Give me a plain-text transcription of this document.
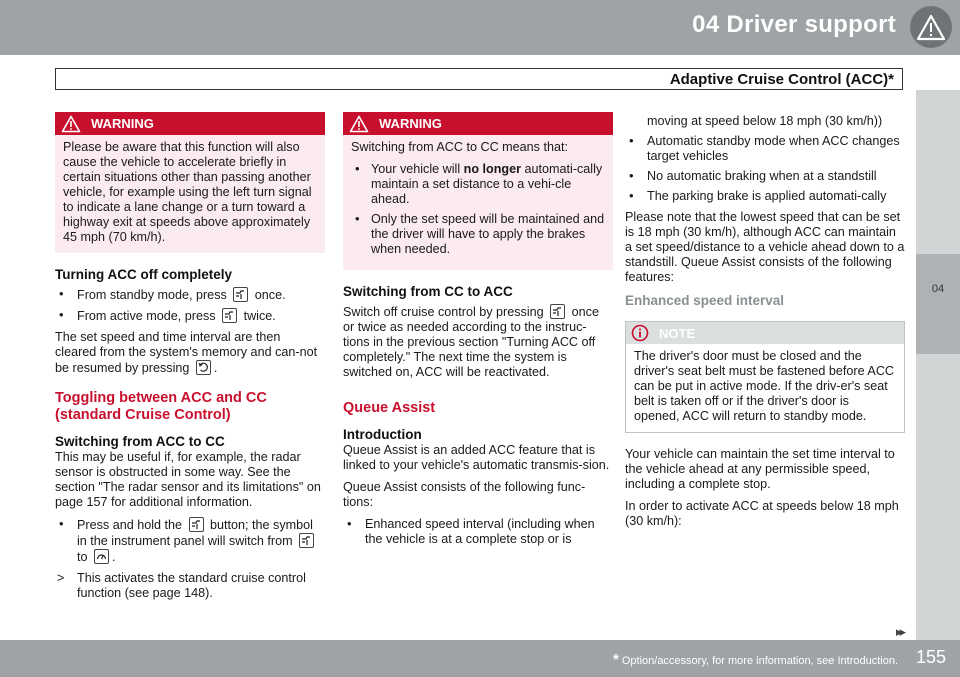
04 Driver support
Adaptive Cruise Control (ACC)*
04
WARNING
Please be aware that this function will also cause the vehicle to accelerate briefly in certain situations other than passing another vehicle, for example using the left turn signal to indicate a lane change or a turn toward a highway exit at speeds above approximately 45 mph (70 km/h).
Turning ACC off completely
• From standby mode, press
once.
• From active mode, press
twice.

The set speed and time interval are then cleared from the system's memory and can-not be resumed by pressing
.

Toggling between ACC and CC (standard Cruise Control)
Switching from ACC to CC

This may be useful if, for example, the radar sensor is obstructed in some way. See the section "The radar sensor and its limitations" on page 157 for additional information.

• Press and hold the
button; the symbol in the instrument panel will switch from
to
.
> This activates the standard cruise control function (see page 148).
WARNING

Switching from ACC to CC means that:

• Your vehicle will no longer automati-cally maintain a set distance to a vehi-cle ahead.
• Only the set speed will be maintained and the driver will have to apply the brakes when needed.
Switching from CC to ACC

Switch off cruise control by pressing
once or twice as needed according to the instruc-tions in the previous section "Turning ACC off completely." The next time the system is switched on, ACC will be reactivated.

Queue Assist
Introduction

Queue Assist is an added ACC feature that is linked to your vehicle's automatic transmis-sion.

Queue Assist consists of the following func-tions:

• Enhanced speed interval (including when the vehicle is at a complete stop or is
moving at speed below 18 mph (30 km/h))
• Automatic standby mode when ACC changes target vehicles
• No automatic braking when at a standstill
• The parking brake is applied automati-cally

Please note that the lowest speed that can be set is 18 mph (30 km/h), although ACC can maintain a set speed/distance to a vehicle ahead down to a standstill. Queue Assist consists of the following features:

Enhanced speed interval
NOTE
The driver's door must be closed and the driver's seat belt must be fastened before ACC can be put in active mode. If the driv-er's seat belt is taken off or if the driver's door is opened, ACC will return to standby mode.

Your vehicle can maintain the set time interval to the vehicle ahead at any permissible speed, including a complete stop.

In order to activate ACC at speeds below 18 mph (30 km/h):

▸▸
* Option/accessory, for more information, see Introduction. 155
